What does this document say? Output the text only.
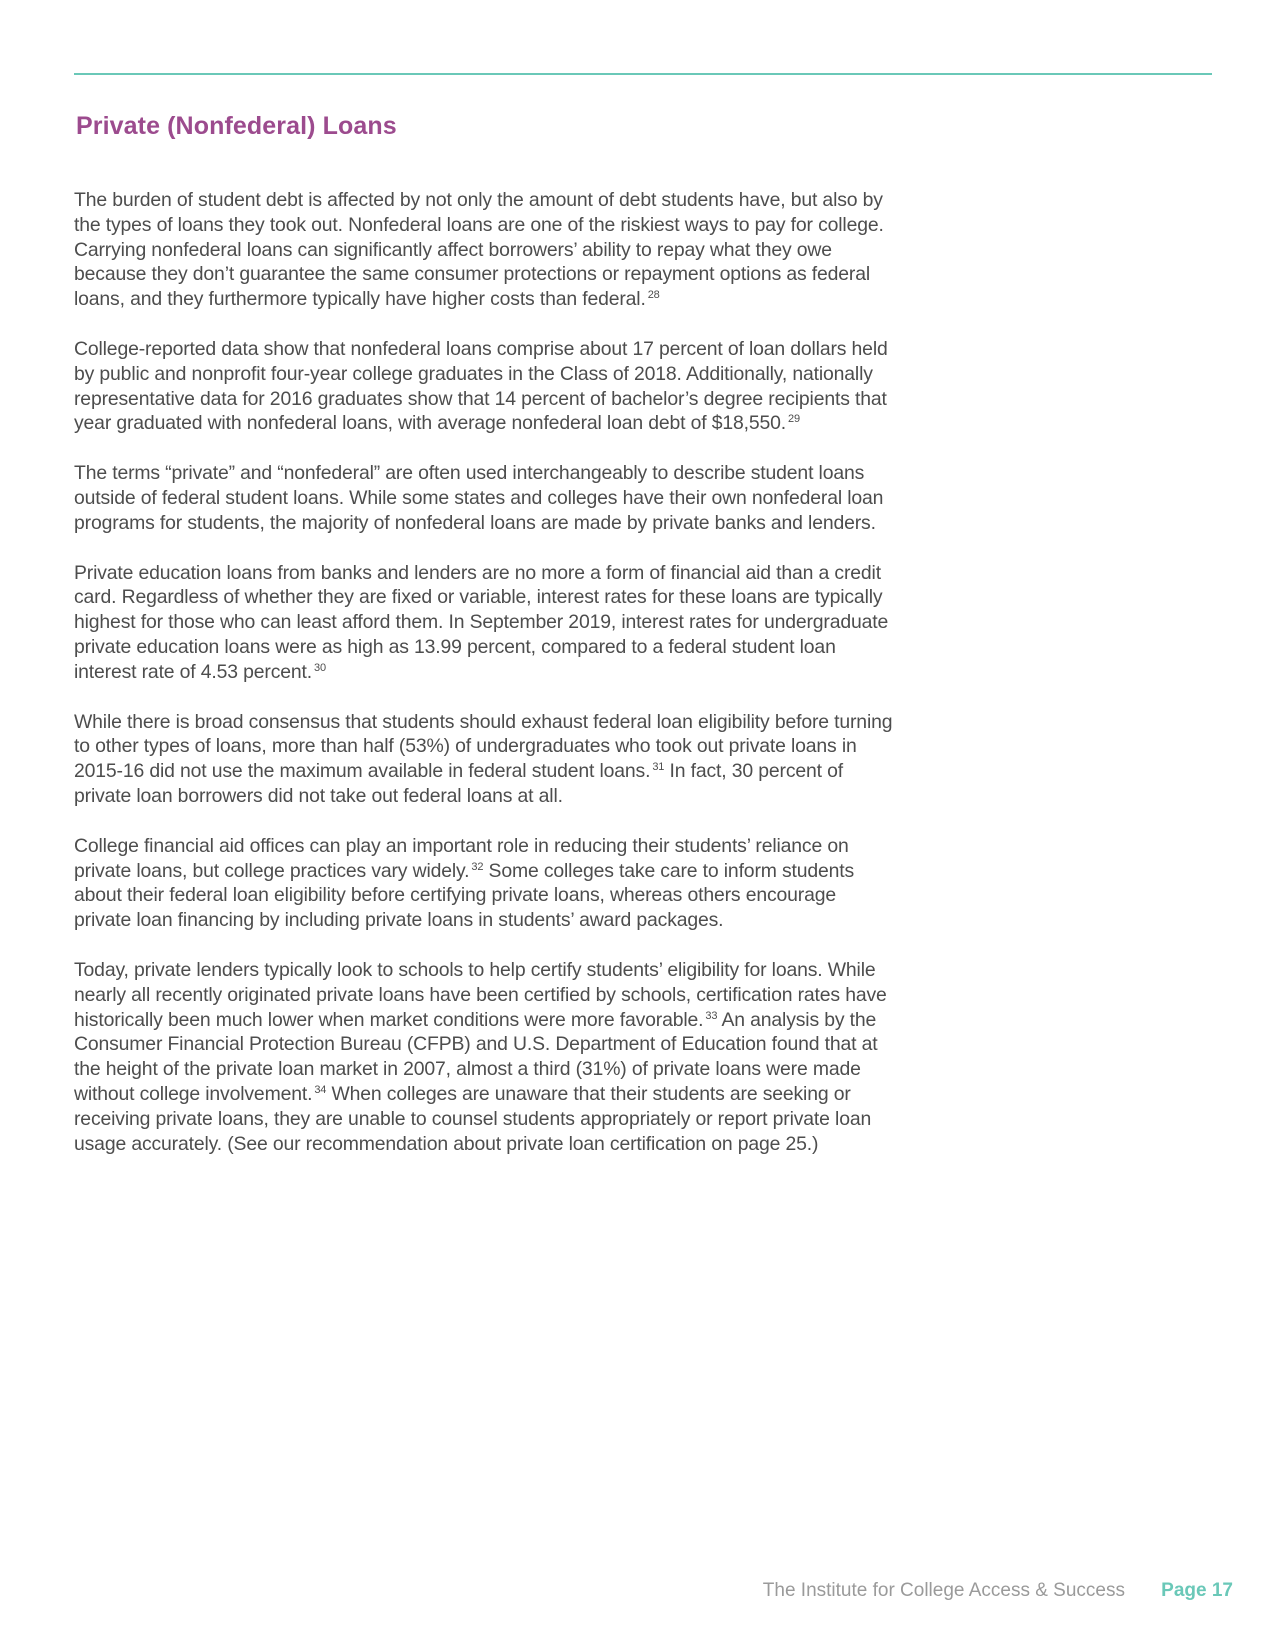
Private (Nonfederal) Loans

The burden of student debt is affected by not only the amount of debt students have, but also by the types of loans they took out. Nonfederal loans are one of the riskiest ways to pay for college. Carrying nonfederal loans can significantly affect borrowers’ ability to repay what they owe because they don’t guarantee the same consumer protections or repayment options as federal loans, and they furthermore typically have higher costs than federal. $^{28}$

College-reported data show that nonfederal loans comprise about 17 percent of loan dollars held by public and nonprofit four-year college graduates in the Class of 2018. Additionally, nationally representative data for 2016 graduates show that 14 percent of bachelor’s degree recipients that year graduated with nonfederal loans, with average nonfederal loan debt of $18,550. $^{29}$

The terms “private” and “nonfederal” are often used interchangeably to describe student loans outside of federal student loans. While some states and colleges have their own nonfederal loan programs for students, the majority of nonfederal loans are made by private banks and lenders.

Private education loans from banks and lenders are no more a form of financial aid than a credit card. Regardless of whether they are fixed or variable, interest rates for these loans are typically highest for those who can least afford them. In September 2019, interest rates for undergraduate private education loans were as high as 13.99 percent, compared to a federal student loan interest rate of 4.53 percent. $^{30}$

While there is broad consensus that students should exhaust federal loan eligibility before turning to other types of loans, more than half (53%) of undergraduates who took out private loans in 2015-16 did not use the maximum available in federal student loans. $^{31}$ In fact, 30 percent of private loan borrowers did not take out federal loans at all.

College financial aid offices can play an important role in reducing their students’ reliance on private loans, but college practices vary widely. $^{32}$ Some colleges take care to inform students about their federal loan eligibility before certifying private loans, whereas others encourage private loan financing by including private loans in students’ award packages.

Today, private lenders typically look to schools to help certify students’ eligibility for loans. While nearly all recently originated private loans have been certified by schools, certification rates have historically been much lower when market conditions were more favorable. $^{33}$ An analysis by the Consumer Financial Protection Bureau (CFPB) and U.S. Department of Education found that at the height of the private loan market in 2007, almost a third (31%) of private loans were made without college involvement. $^{34}$ When colleges are unaware that their students are seeking or receiving private loans, they are unable to counsel students appropriately or report private loan usage accurately. (See our recommendation about private loan certification on page 25.)

The Institute for College Access & Success Page 17
